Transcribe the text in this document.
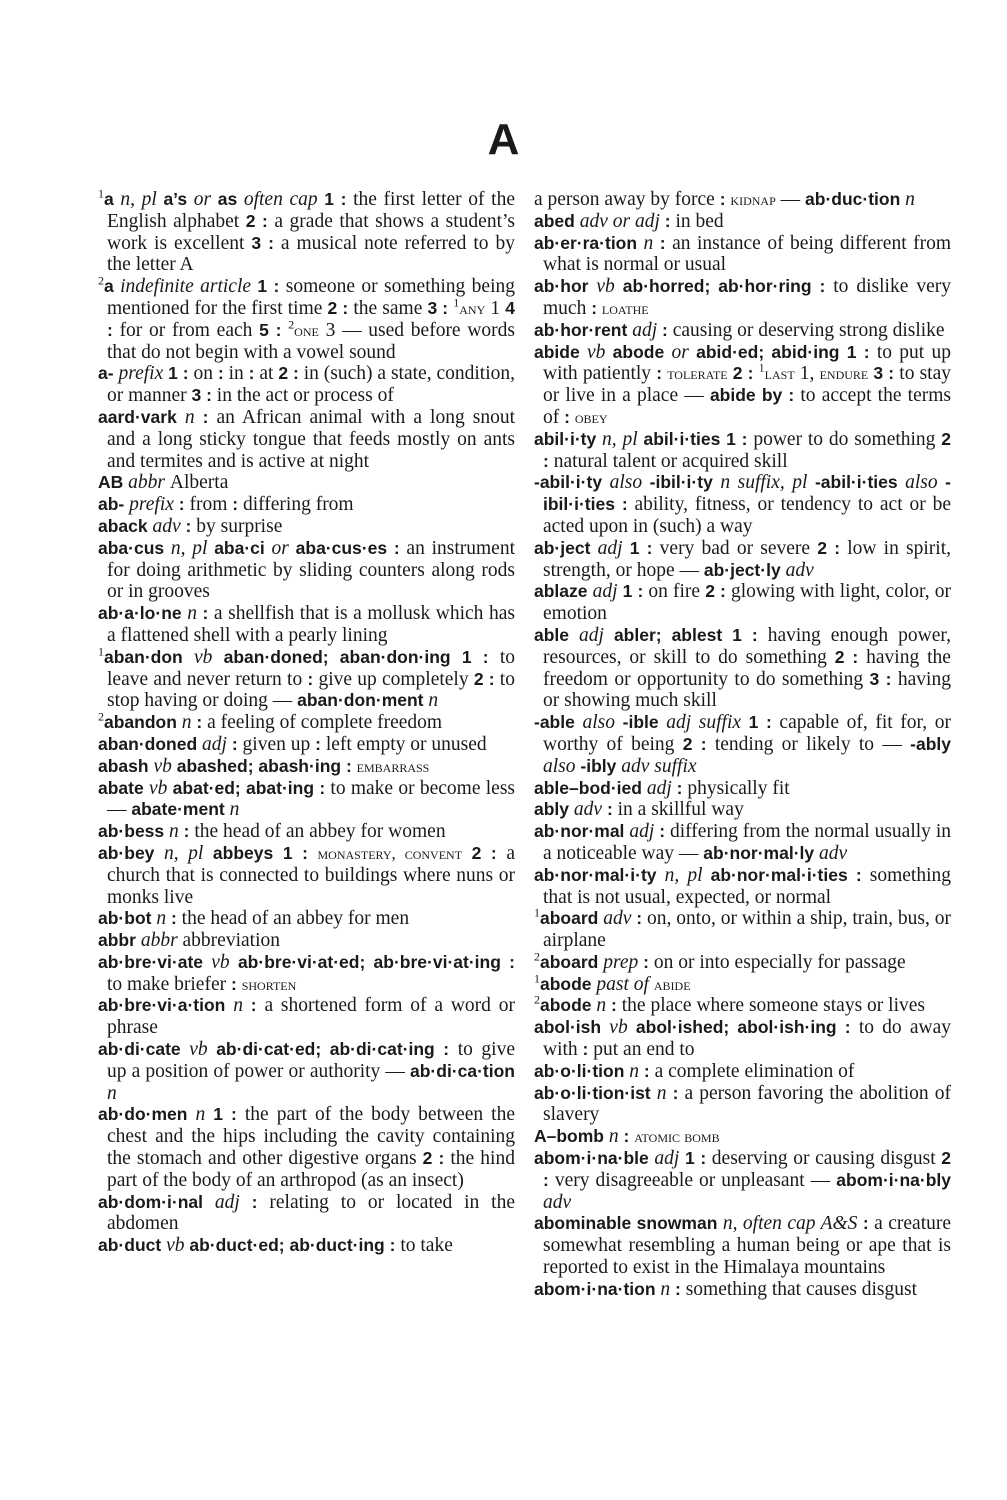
A

$^1$a n, pl a’s or as often cap 1 : the first letter of the English alphabet 2 : a grade that shows a student’s work is excellent 3 : a musical note referred to by the letter A

$^2$a indefinite article 1 : someone or something being mentioned for the first time 2 : the same 3 : $^1$any 1 4 : for or from each 5 : $^2$one 3 — used before words that do not begin with a vowel sound

a- prefix 1 : on : in : at 2 : in (such) a state, condition, or manner 3 : in the act or process of

aard·vark n : an African animal with a long snout and a long sticky tongue that feeds mostly on ants and termites and is active at night

AB abbr Alberta

ab- prefix : from : differing from

aback adv : by surprise

aba·cus n, pl aba·ci or aba·cus·es : an instrument for doing arithmetic by sliding counters along rods or in grooves

ab·a·lo·ne n : a shellfish that is a mollusk which has a flattened shell with a pearly lining

$^1$aban·don vb aban·doned; aban·don·ing 1 : to leave and never return to : give up completely 2 : to stop having or doing — aban·don·ment n

$^2$abandon n : a feeling of complete freedom

aban·doned adj : given up : left empty or unused

abash vb abashed; abash·ing : embarrass

abate vb abat·ed; abat·ing : to make or become less — abate·ment n

ab·bess n : the head of an abbey for women

ab·bey n, pl abbeys 1 : monastery, convent 2 : a church that is connected to buildings where nuns or monks live

ab·bot n : the head of an abbey for men

abbr abbr abbreviation

ab·bre·vi·ate vb ab·bre·vi·at·ed; ab·bre·vi·at·ing : to make briefer : shorten

ab·bre·vi·a·tion n : a shortened form of a word or phrase

ab·di·cate vb ab·di·cat·ed; ab·di·cat·ing : to give up a position of power or authority — ab·di·ca·tion n

ab·do·men n 1 : the part of the body between the chest and the hips including the cavity containing the stomach and other digestive organs 2 : the hind part of the body of an arthropod (as an insect)

ab·dom·i·nal adj : relating to or located in the abdomen

ab·duct vb ab·duct·ed; ab·duct·ing : to take

a person away by force : kidnap — ab·duc·tion n

abed adv or adj : in bed

ab·er·ra·tion n : an instance of being different from what is normal or usual

ab·hor vb ab·horred; ab·hor·ring : to dislike very much : loathe

ab·hor·rent adj : causing or deserving strong dislike

abide vb abode or abid·ed; abid·ing 1 : to put up with patiently : tolerate 2 : $^1$last 1, endure 3 : to stay or live in a place — abide by : to accept the terms of : obey

abil·i·ty n, pl abil·i·ties 1 : power to do something 2 : natural talent or acquired skill

-abil·i·ty also -ibil·i·ty n suffix, pl -abil·i·ties also -ibil·i·ties : ability, fitness, or tendency to act or be acted upon in (such) a way

ab·ject adj 1 : very bad or severe 2 : low in spirit, strength, or hope — ab·ject·ly adv

ablaze adj 1 : on fire 2 : glowing with light, color, or emotion

able adj abler; ablest 1 : having enough power, resources, or skill to do something 2 : having the freedom or opportunity to do something 3 : having or showing much skill

-able also -ible adj suffix 1 : capable of, fit for, or worthy of being 2 : tending or likely to — -ably also -ibly adv suffix

able–bod·ied adj : physically fit

ably adv : in a skillful way

ab·nor·mal adj : differing from the normal usually in a noticeable way — ab·nor·mal·ly adv

ab·nor·mal·i·ty n, pl ab·nor·mal·i·ties : something that is not usual, expected, or normal

$^1$aboard adv : on, onto, or within a ship, train, bus, or airplane

$^2$aboard prep : on or into especially for passage

$^1$abode past of abide

$^2$abode n : the place where someone stays or lives

abol·ish vb abol·ished; abol·ish·ing : to do away with : put an end to

ab·o·li·tion n : a complete elimination of

ab·o·li·tion·ist n : a person favoring the abolition of slavery

A–bomb n : atomic bomb

abom·i·na·ble adj 1 : deserving or causing disgust 2 : very disagreeable or unpleasant — abom·i·na·bly adv

abominable snowman n, often cap A&S : a creature somewhat resembling a human being or ape that is reported to exist in the Himalaya mountains

abom·i·na·tion n : something that causes disgust
